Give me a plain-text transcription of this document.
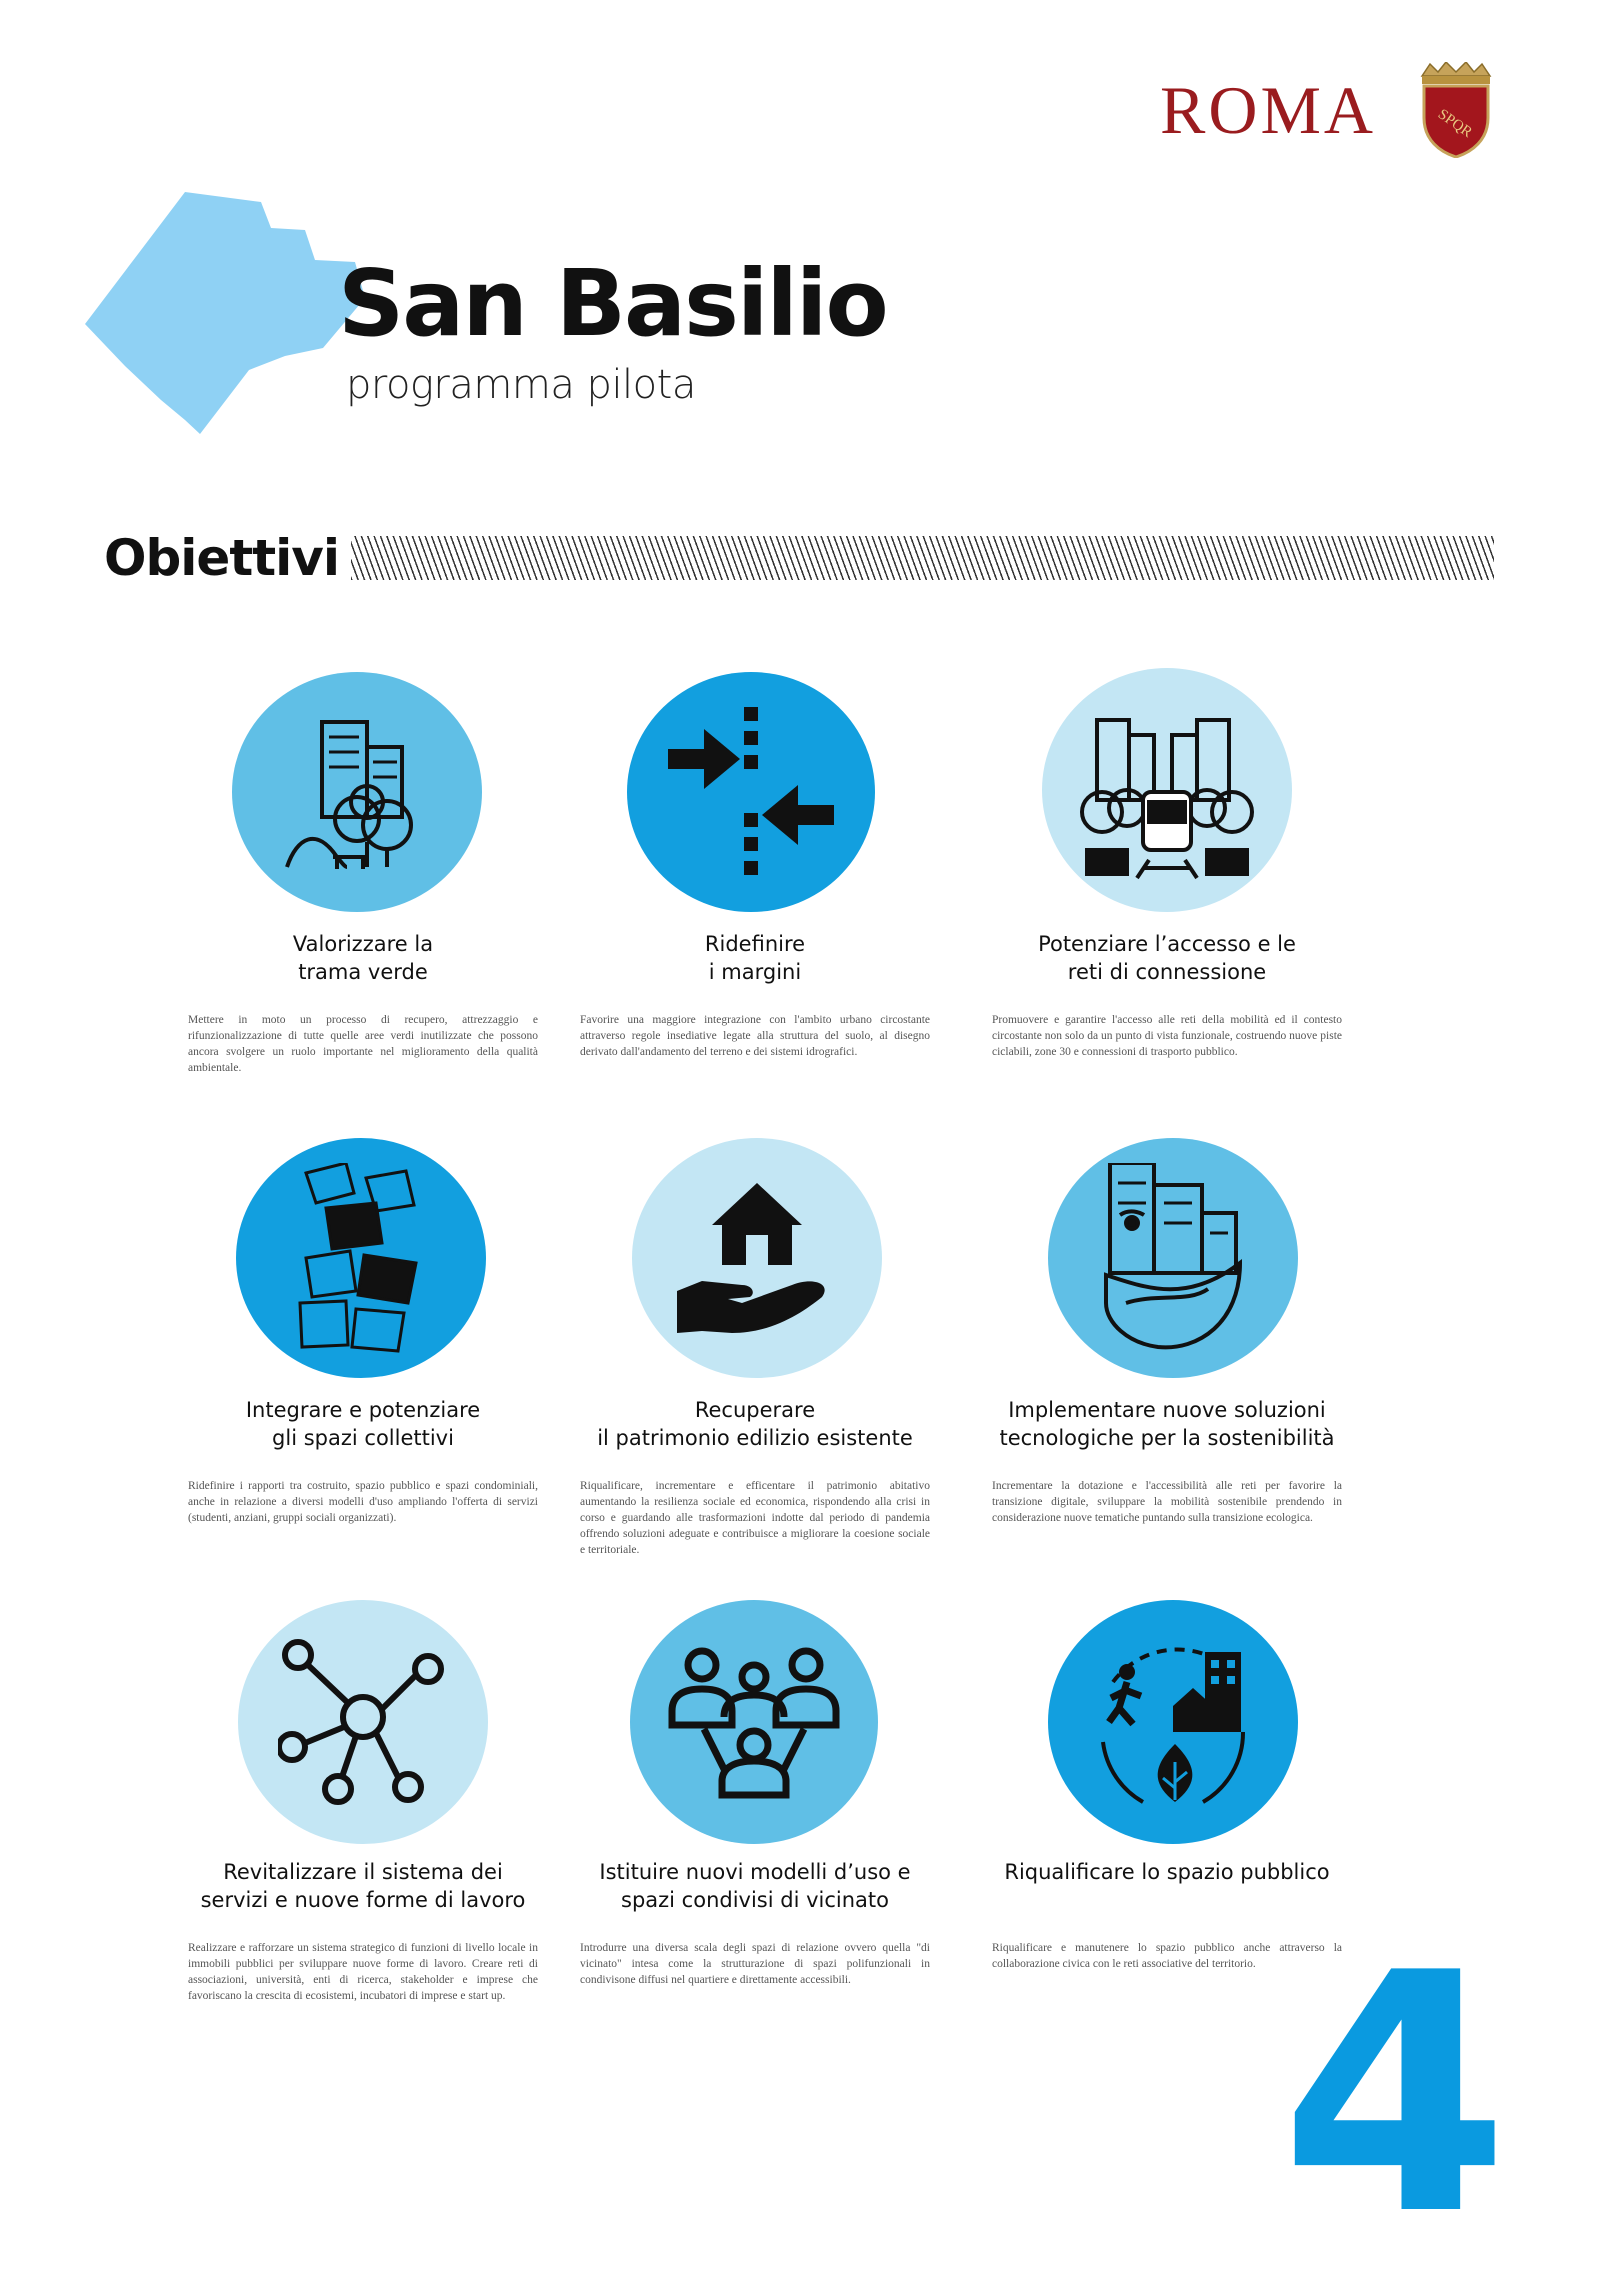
ROMA	SPQR
San Basilio
programma pilota
Obiettivi
Valorizzare la
trama verde
Mettere in moto un processo di recupero, attrezzaggio e rifunzionalizzazione di tutte quelle aree verdi inutilizzate che possono ancora svolgere un ruolo importante nel miglioramento della qualità ambientale.
Ridefinire
i margini
Favorire una maggiore integrazione con l'ambito urbano circostante attraverso regole insediative legate alla struttura del suolo, al disegno derivato dall'andamento del terreno e dei sistemi idrografici.
Potenziare l’accesso e le
reti di connessione
Promuovere e garantire l'accesso alle reti della mobilità ed il contesto circostante non solo da un punto di vista funzionale, costruendo nuove piste ciclabili, zone 30 e connessioni di trasporto pubblico.
Integrare e potenziare
gli spazi collettivi
Ridefinire i rapporti tra costruito, spazio pubblico e spazi condominiali, anche in relazione a diversi modelli d'uso ampliando l'offerta di servizi (studenti, anziani, gruppi sociali organizzati).
Recuperare
il patrimonio edilizio esistente
Riqualificare, incrementare e efficentare il patrimonio abitativo aumentando la resilienza sociale ed economica, rispondendo alla crisi in corso e guardando alle trasformazioni indotte dal periodo di pandemia offrendo soluzioni adeguate e contribuisce a migliorare la coesione sociale e territoriale.
Implementare nuove soluzioni
tecnologiche per la sostenibilità
Incrementare la dotazione e l'accessibilità alle reti per favorire la transizione digitale, sviluppare la mobilità sostenibile prendendo in considerazione nuove tematiche puntando sulla transizione ecologica.
Revitalizzare il sistema dei
servizi e nuove forme di lavoro
Realizzare e rafforzare un sistema strategico di funzioni di livello locale in immobili pubblici per sviluppare nuove forme di lavoro. Creare reti di associazioni, università, enti di ricerca, stakeholder e imprese che favoriscano la crescita di ecosistemi, incubatori di imprese e start up.
Istituire nuovi modelli d’uso e
spazi condivisi di vicinato
Introdurre una diversa scala degli spazi di relazione ovvero quella "di vicinato" intesa come la strutturazione di spazi polifunzionali in condivisone diffusi nel quartiere e direttamente accessibili.
Riqualificare lo spazio pubblico
Riqualificare e manutenere lo spazio pubblico anche attraverso la collaborazione civica con le reti associative del territorio. 4
